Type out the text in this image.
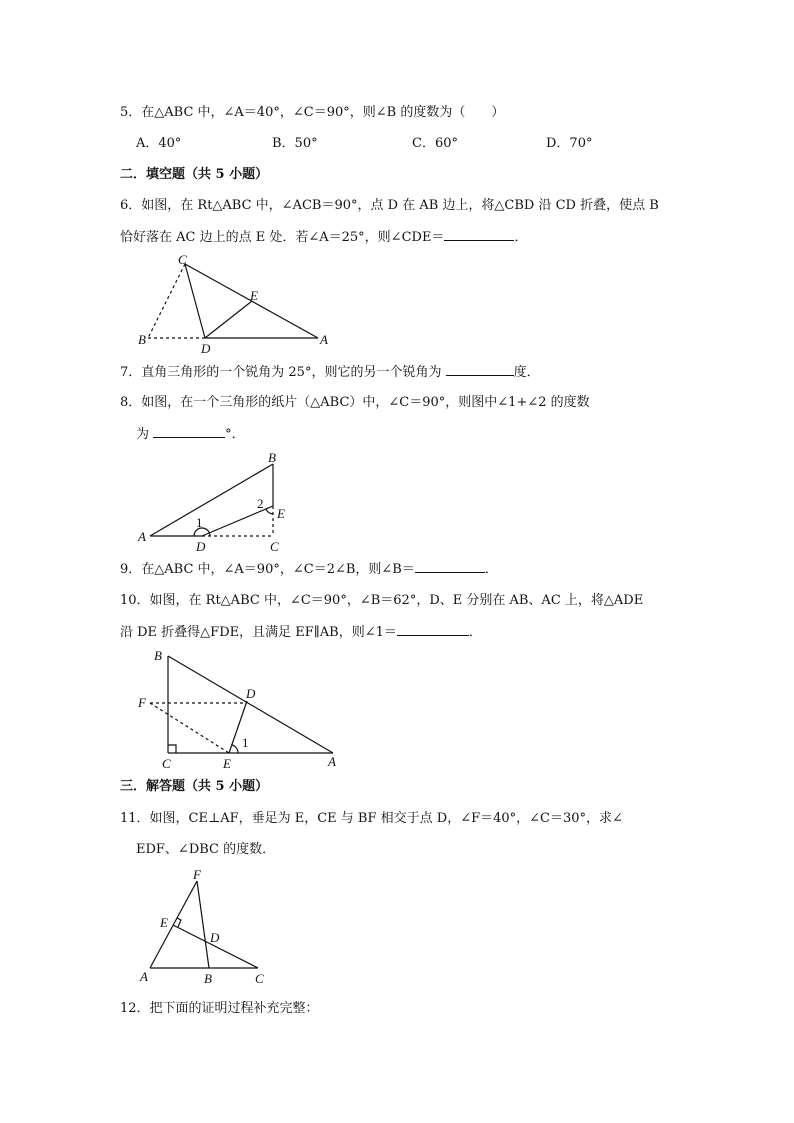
5．在△ABC 中，∠A＝40°，∠C＝90°，则∠B 的度数为（　　）
A．40°	B．50°	C．60°	D．70°
二．填空题（共 5 小题）
6．如图，在 Rt△ABC 中，∠ACB＝90°，点 D 在 AB 边上，将△CBD 沿 CD 折叠，使点 B
恰好落在 AC 边上的点 E 处．若∠A＝25°，则∠CDE＝	．
C
E
B
D
A
7．直角三角形的一个锐角为 25°，则它的另一个锐角为	度．
8．如图，在一个三角形的纸片（△ABC）中，∠C＝90°，则图中∠1+∠2 的度数
为	°．
B
2
E
1
A
D	C
9．在△ABC 中，∠A＝90°，∠C＝2∠B，则∠B＝	．
10．如图，在 Rt△ABC 中，∠C＝90°，∠B＝62°，D、E 分别在 AB、AC 上，将△ADE
沿 DE 折叠得△FDE，且满足 EF∥AB，则∠1＝	．
B
D
F
1
C	E	A
三．解答题（共 5 小题）
11．如图，CE⊥AF，垂足为 E，CE 与 BF 相交于点 D，∠F＝40°，∠C＝30°，求∠
EDF、∠DBC 的度数．
F
E
D
A	B	C
12．把下面的证明过程补充完整：
